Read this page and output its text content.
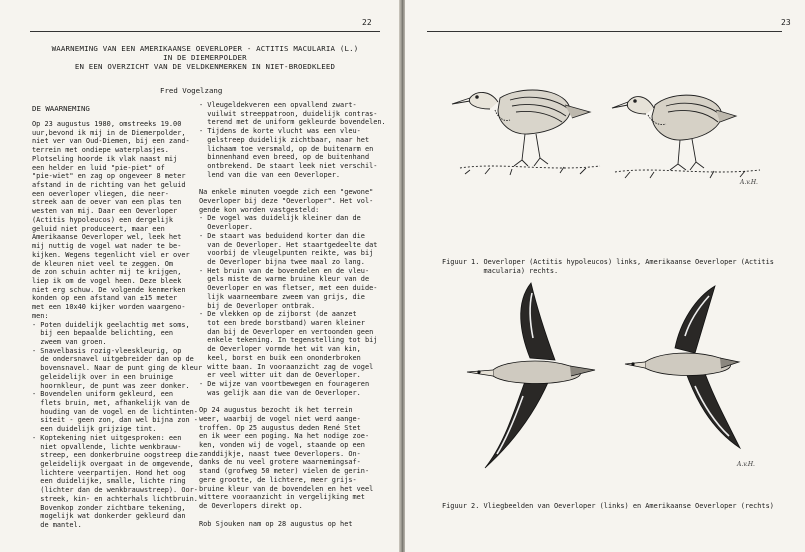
22
WAARNEMING VAN EEN AMERIKAANSE OEVERLOPER - ACTITIS MACULARIA (L.)
IN DE DIEMERPOLDER
EN EEN OVERZICHT VAN DE VELDKENMERKEN IN NIET-BROEDKLEED
Fred Vogelzang
DE WAARNEMING
Op 23 augustus 1980, omstreeks 19.00
uur,bevond ik mij in de Diemerpolder,
niet ver van Oud-Diemen, bij een zand-
terrein met ondiepe waterplasjes.
Plotseling hoorde ik vlak naast mij
een helder en luid "pie-piet" of
"pie-wiet" en zag op ongeveer 8 meter
afstand in de richting van het geluid
een oeverloper vliegen, die neer-
streek aan de oever van een plas ten
westen van mij. Daar een Oeverloper
(Actitis hypoleucos) een dergelijk
geluid niet produceert, maar een
Amerikaanse Oeverloper wel, leek het
mij nuttig de vogel wat nader te be-
kijken. Wegens tegenlicht viel er over
de kleuren niet veel te zeggen. Om
de zon schuin achter mij te krijgen,
liep ik om de vogel heen. Deze bleek
niet erg schuw. De volgende kenmerken
konden op een afstand van ±15 meter
met een 10x40 kijker worden waargeno-
men:
- Poten duidelijk geelachtig met soms,
bij een bepaalde belichting, een
zweem van groen.
- Snavelbasis rozig-vleeskleurig, op
de ondersnavel uitgebreider dan op de
bovensnavel. Naar de punt ging de kleur
geleidelijk over in een bruinige
hoornkleur, de punt was zeer donker.
- Bovendelen uniform gekleurd, een
flets bruin, met, afhankelijk van de
houding van de vogel en de lichtinten-
siteit - geen zon, dan wel bijna zon -
een duidelijk grijzige tint.
- Koptekening niet uitgesproken: een
niet opvallende, lichte wenkbrauw-
streep, een donkerbruine oogstreep die
geleidelijk overgaat in de omgevende,
lichtere veerpartijen. Hond het oog
een duidelijke, smalle, lichte ring
(lichter dan de wenkbrauwstreep). Oor-
streek, kin- en achterhals lichtbruin.
Bovenkop zonder zichtbare tekening,
mogelijk wat donkerder gekleurd dan
de mantel.
- Vleugeldekveren een opvallend zwart-
vuilwit streeppatroon, duidelijk contras-
terend met de uniform gekleurde bovendelen.
- Tijdens de korte vlucht was een vleu-
gelstreep duidelijk zichtbaar, naar het
lichaam toe versmald, op de buitenarm en
binnenhand even breed, op de buitenhand
ontbrekend. De staart leek niet verschil-
lend van die van een Oeverloper.

Na enkele minuten voegde zich een "gewone"
Oeverloper bij deze "Oeverloper". Het vol-
gende kon worden vastgesteld:
- De vogel was duidelijk kleiner dan de
Oeverloper.
- De staart was beduidend korter dan die
van de Oeverloper. Het staartgedeelte dat
voorbij de vleugelpunten reikte, was bij
de Oeverloper bijna twee maal zo lang.
- Het bruin van de bovendelen en de vleu-
gels miste de warme bruine kleur van de
Oeverloper en was fletser, met een duide-
lijk waarneembare zweem van grijs, die
bij de Oeverloper ontbrak.
- De vlekken op de zijborst (de aanzet
tot een brede borstband) waren kleiner
dan bij de Oeverloper en vertoonden geen
enkele tekening. In tegenstelling tot bij
de Oeverloper vormde het wit van kin,
keel, borst en buik een ononderbroken
witte baan. In vooraanzicht zag de vogel
er veel witter uit dan de Oeverloper.
- De wijze van voortbewegen en fourageren
was gelijk aan die van de Oeverloper.

Op 24 augustus bezocht ik het terrein
weer, waarbij de vogel niet werd aange-
troffen. Op 25 augustus deden René Stet
en ik weer een poging. Na het nodige zoe-
ken, vonden wij de vogel, staande op een
zanddijkje, naast twee Oeverlopers. On-
danks de nu veel grotere waarnemingsaf-
stand (grofweg 50 meter) vielen de gerin-
gere grootte, de lichtere, meer grijs-
bruine kleur van de bovendelen en het veel
wittere vooraanzicht in vergelijking met
de Oeverlopers direkt op.

Rob Sjouken nam op 28 augustus op het
23
A.v.H.
Figuur 1. Oeverloper (Actitis hypoleucos) links, Amerikaanse Oeverloper (Actitis
macularia) rechts.
A.v.H.
Figuur 2. Vliegbeelden van Oeverloper (links) en Amerikaanse Oeverloper (rechts)
